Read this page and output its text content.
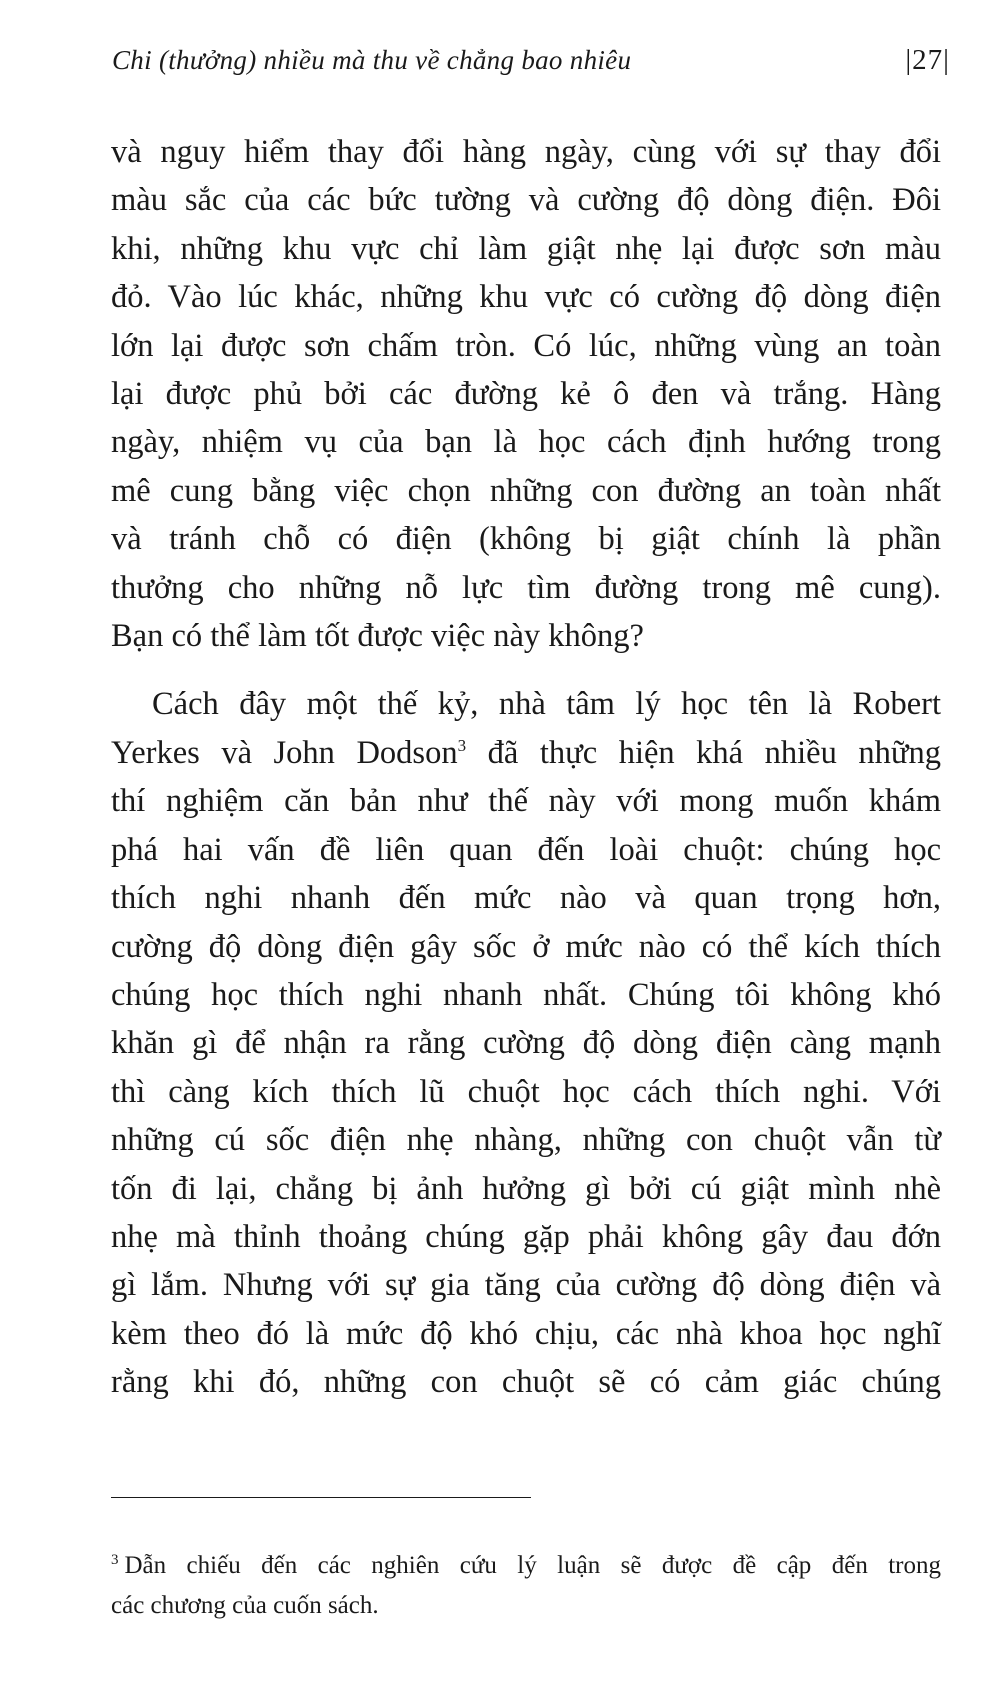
Chi (thưởng) nhiều mà thu về chẳng bao nhiêu	|27|
và nguy hiểm thay đổi hàng ngày, cùng với sự thay đổi
màu sắc của các bức tường và cường độ dòng điện. Đôi
khi, những khu vực chỉ làm giật nhẹ lại được sơn màu
đỏ. Vào lúc khác, những khu vực có cường độ dòng điện
lớn lại được sơn chấm tròn. Có lúc, những vùng an toàn
lại được phủ bởi các đường kẻ ô đen và trắng. Hàng
ngày, nhiệm vụ của bạn là học cách định hướng trong
mê cung bằng việc chọn những con đường an toàn nhất
và tránh chỗ có điện (không bị giật chính là phần
thưởng cho những nỗ lực tìm đường trong mê cung).
Bạn có thể làm tốt được việc này không?
Cách đây một thế kỷ, nhà tâm lý học tên là Robert
Yerkes và John Dodson$^3$ đã thực hiện khá nhiều những
thí nghiệm căn bản như thế này với mong muốn khám
phá hai vấn đề liên quan đến loài chuột: chúng học
thích nghi nhanh đến mức nào và quan trọng hơn,
cường độ dòng điện gây sốc ở mức nào có thể kích thích
chúng học thích nghi nhanh nhất. Chúng tôi không khó
khăn gì để nhận ra rằng cường độ dòng điện càng mạnh
thì càng kích thích lũ chuột học cách thích nghi. Với
những cú sốc điện nhẹ nhàng, những con chuột vẫn từ
tốn đi lại, chẳng bị ảnh hưởng gì bởi cú giật mình nhè
nhẹ mà thỉnh thoảng chúng gặp phải không gây đau đớn
gì lắm. Nhưng với sự gia tăng của cường độ dòng điện và
kèm theo đó là mức độ khó chịu, các nhà khoa học nghĩ
rằng khi đó, những con chuột sẽ có cảm giác chúng
$^3$ Dẫn chiếu đến các nghiên cứu lý luận sẽ được đề cập đến trong
các chương của cuốn sách.
